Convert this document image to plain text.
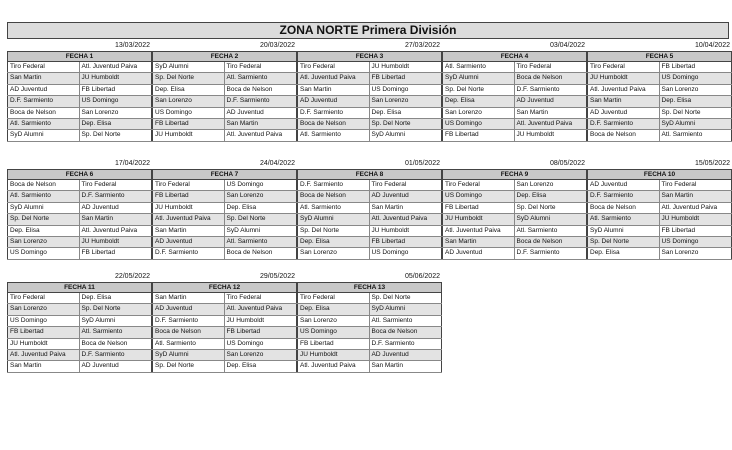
ZONA NORTE Primera División
13/03/2022
FECHA 1
Tiro Federal	Atl. Juventud Paiva
San Martin	JU Humboldt
AD Juventud	FB Libertad
D.F. Sarmiento	US Domingo
Boca de Nelson	San Lorenzo
Atl. Sarmiento	Dep. Elisa
SyD Alumni	Sp. Del Norte
20/03/2022
FECHA 2
SyD Alumni	Tiro Federal
Sp. Del Norte	Atl. Sarmiento
Dep. Elisa	Boca de Nelson
San Lorenzo	D.F. Sarmiento
US Domingo	AD Juventud
FB Libertad	San Martin
JU Humboldt	Atl. Juventud Paiva
27/03/2022
FECHA 3
Tiro Federal	JU Humboldt
Atl. Juventud Paiva	FB Libertad
San Martin	US Domingo
AD Juventud	San Lorenzo
D.F. Sarmiento	Dep. Elisa
Boca de Nelson	Sp. Del Norte
Atl. Sarmiento	SyD Alumni
03/04/2022
FECHA 4
Atl. Sarmiento	Tiro Federal
SyD Alumni	Boca de Nelson
Sp. Del Norte	D.F. Sarmiento
Dep. Elisa	AD Juventud
San Lorenzo	San Martin
US Domingo	Atl. Juventud Paiva
FB Libertad	JU Humboldt
10/04/2022
FECHA 5
Tiro Federal	FB Libertad
JU Humboldt	US Domingo
Atl. Juventud Paiva	San Lorenzo
San Martin	Dep. Elisa
AD Juventud	Sp. Del Norte
D.F. Sarmiento	SyD Alumni
Boca de Nelson	Atl. Sarmiento
17/04/2022
FECHA 6
Boca de Nelson	Tiro Federal
Atl. Sarmiento	D.F. Sarmiento
SyD Alumni	AD Juventud
Sp. Del Norte	San Martin
Dep. Elisa	Atl. Juventud Paiva
San Lorenzo	JU Humboldt
US Domingo	FB Libertad
24/04/2022
FECHA 7
Tiro Federal	US Domingo
FB Libertad	San Lorenzo
JU Humboldt	Dep. Elisa
Atl. Juventud Paiva	Sp. Del Norte
San Martin	SyD Alumni
AD Juventud	Atl. Sarmiento
D.F. Sarmiento	Boca de Nelson
01/05/2022
FECHA 8
D.F. Sarmiento	Tiro Federal
Boca de Nelson	AD Juventud
Atl. Sarmiento	San Martin
SyD Alumni	Atl. Juventud Paiva
Sp. Del Norte	JU Humboldt
Dep. Elisa	FB Libertad
San Lorenzo	US Domingo
08/05/2022
FECHA 9
Tiro Federal	San Lorenzo
US Domingo	Dep. Elisa
FB Libertad	Sp. Del Norte
JU Humboldt	SyD Alumni
Atl. Juventud Paiva	Atl. Sarmiento
San Martin	Boca de Nelson
AD Juventud	D.F. Sarmiento
15/05/2022
FECHA 10
AD Juventud	Tiro Federal
D.F. Sarmiento	San Martin
Boca de Nelson	Atl. Juventud Paiva
Atl. Sarmiento	JU Humboldt
SyD Alumni	FB Libertad
Sp. Del Norte	US Domingo
Dep. Elisa	San Lorenzo
22/05/2022
FECHA 11
Tiro Federal	Dep. Elisa
San Lorenzo	Sp. Del Norte
US Domingo	SyD Alumni
FB Libertad	Atl. Sarmiento
JU Humboldt	Boca de Nelson
Atl. Juventud Paiva	D.F. Sarmiento
San Martin	AD Juventud
29/05/2022
FECHA 12
San Martin	Tiro Federal
AD Juventud	Atl. Juventud Paiva
D.F. Sarmiento	JU Humboldt
Boca de Nelson	FB Libertad
Atl. Sarmiento	US Domingo
SyD Alumni	San Lorenzo
Sp. Del Norte	Dep. Elisa
05/06/2022
FECHA 13
Tiro Federal	Sp. Del Norte
Dep. Elisa	SyD Alumni
San Lorenzo	Atl. Sarmiento
US Domingo	Boca de Nelson
FB Libertad	D.F. Sarmiento
JU Humboldt	AD Juventud
Atl. Juventud Paiva	San Martin
